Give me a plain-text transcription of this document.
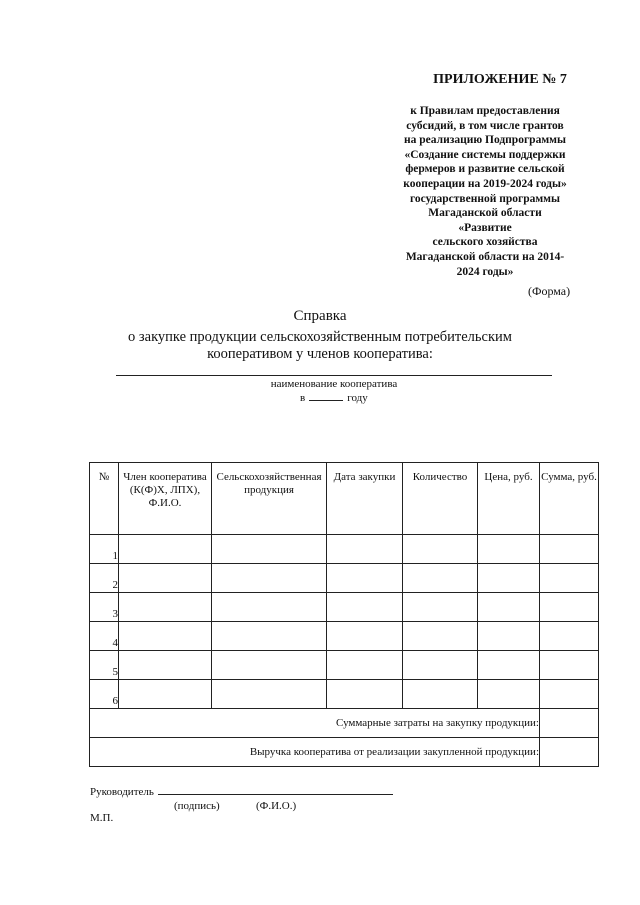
ПРИЛОЖЕНИЕ № 7
к Правилам предоставления
субсидий, в том числе грантов
на реализацию Подпрограммы
«Создание системы поддержки
фермеров и развитие сельской
кооперации на 2019-2024 годы»
государственной программы
Магаданской области
«Развитие
сельского хозяйства
Магаданской области на 2014-
2024 годы»
(Форма)
Справка
о закупке продукции сельскохозяйственным потребительским
кооперативом у членов кооператива:
наименование кооператива
в	году
№	Член кооператива (К(Ф)Х, ЛПХ), Ф.И.О.	Сельскохозяйственная продукция	Дата закупки	Количество	Цена, руб.	Сумма, руб.
1						
2						
3						
4						
5						
6						
Суммарные затраты на закупку продукции:						
Выручка кооператива от реализации закупленной продукции:						
Руководитель
(подпись)	(Ф.И.О.)
М.П.
